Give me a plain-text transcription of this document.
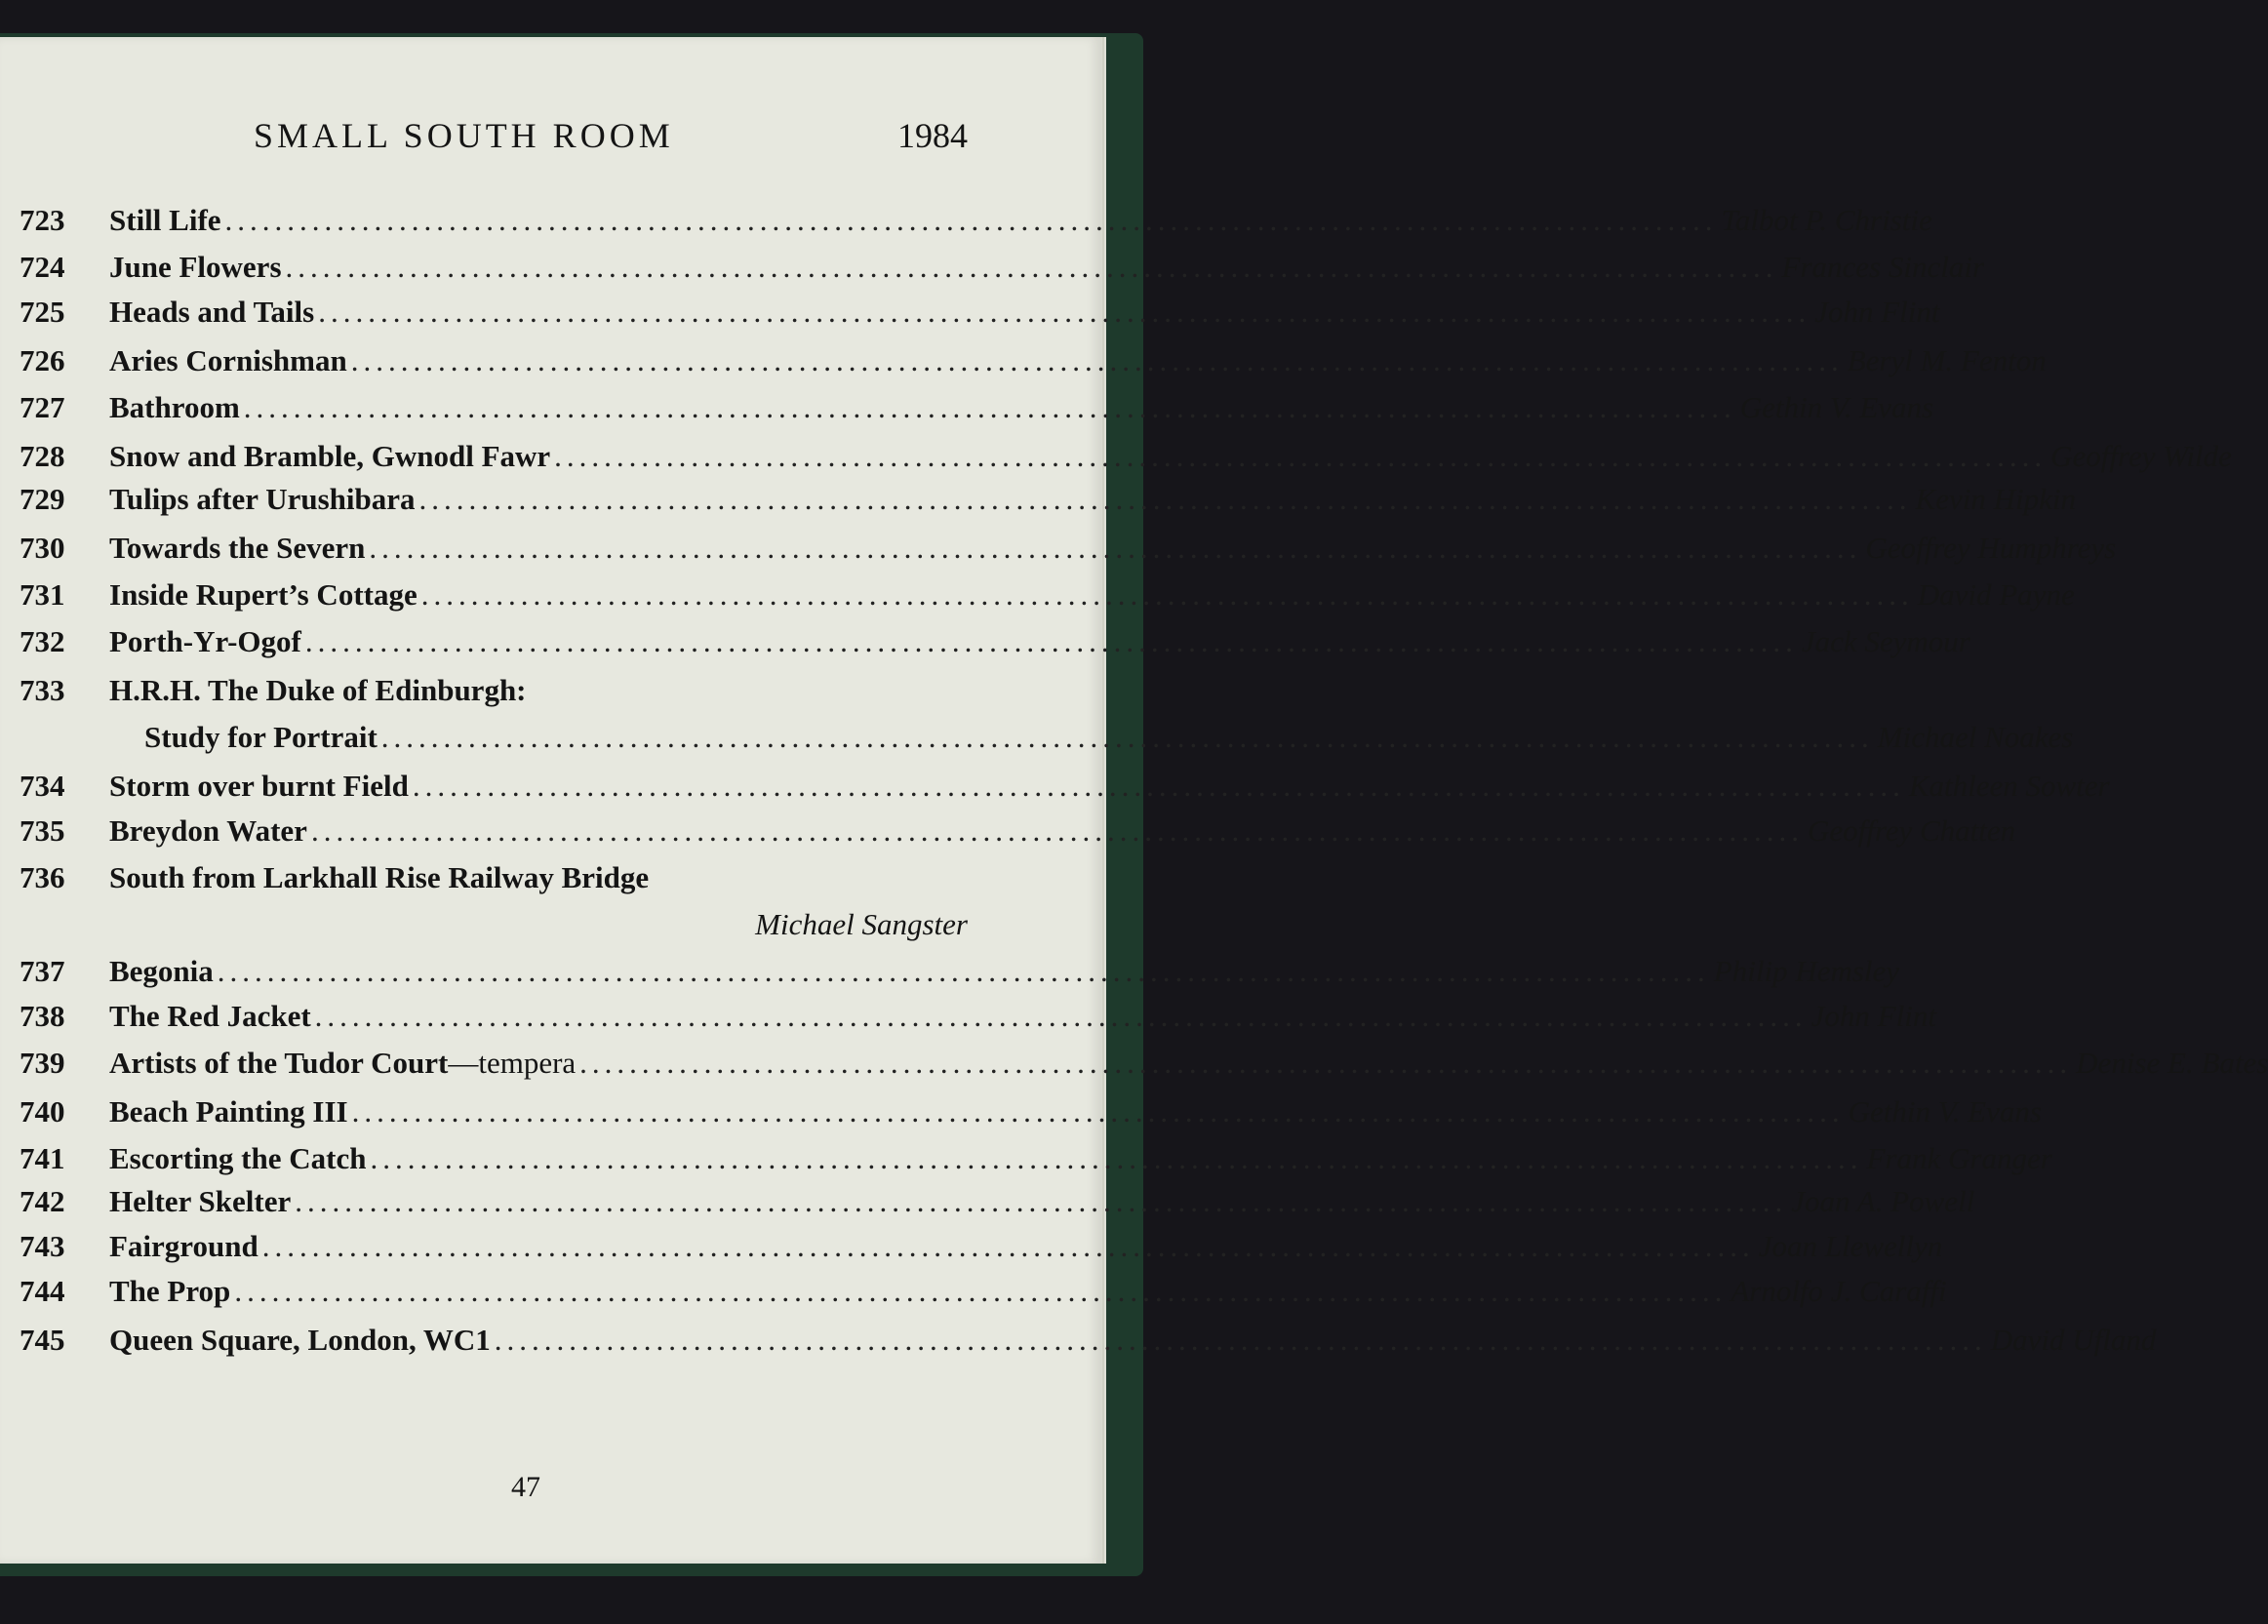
SMALL SOUTH ROOM	1984
723	Still Life ........................................................................................................................ Talbot P. Christie
724	June Flowers ........................................................................................................................ Frances Sinclair
725	Heads and Tails ........................................................................................................................ John Flint
726	Aries Cornishman ........................................................................................................................ Beryl M. Fenton
727	Bathroom ........................................................................................................................ Gethin V. Evans
728	Snow and Bramble, Gwnodl Fawr ........................................................................................................................ Geoffrey Wilde
729	Tulips after Urushibara ........................................................................................................................ Kevin Hipkin
730	Towards the Severn ........................................................................................................................ Geoffrey Humphreys
731	Inside Rupert’s Cottage ........................................................................................................................ David Payne
732	Porth-Yr-Ogof ........................................................................................................................ Jack Seymour
733	H.R.H. The Duke of Edinburgh:
Study for Portrait ........................................................................................................................ Michael Noakes
734	Storm over burnt Field ........................................................................................................................ Kathleen Sowter
735	Breydon Water ........................................................................................................................ Geoffrey Chatten
736	South from Larkhall Rise Railway Bridge
Michael Sangster
737	Begonia ........................................................................................................................ Philip Hemsley
738	The Red Jacket ........................................................................................................................ John Flint
739	Artists of the Tudor Court—tempera ........................................................................................................................ Denise E. Bates
740	Beach Painting III ........................................................................................................................ Gethin V. Evans
741	Escorting the Catch ........................................................................................................................ Frank Granger
742	Helter Skelter ........................................................................................................................ Joan A. Powell
743	Fairground ........................................................................................................................ Joan Llewellyn
744	The Prop ........................................................................................................................ Arnolfo J. Caraffi
745	Queen Square, London, WC1 ........................................................................................................................ David Ufland
47
